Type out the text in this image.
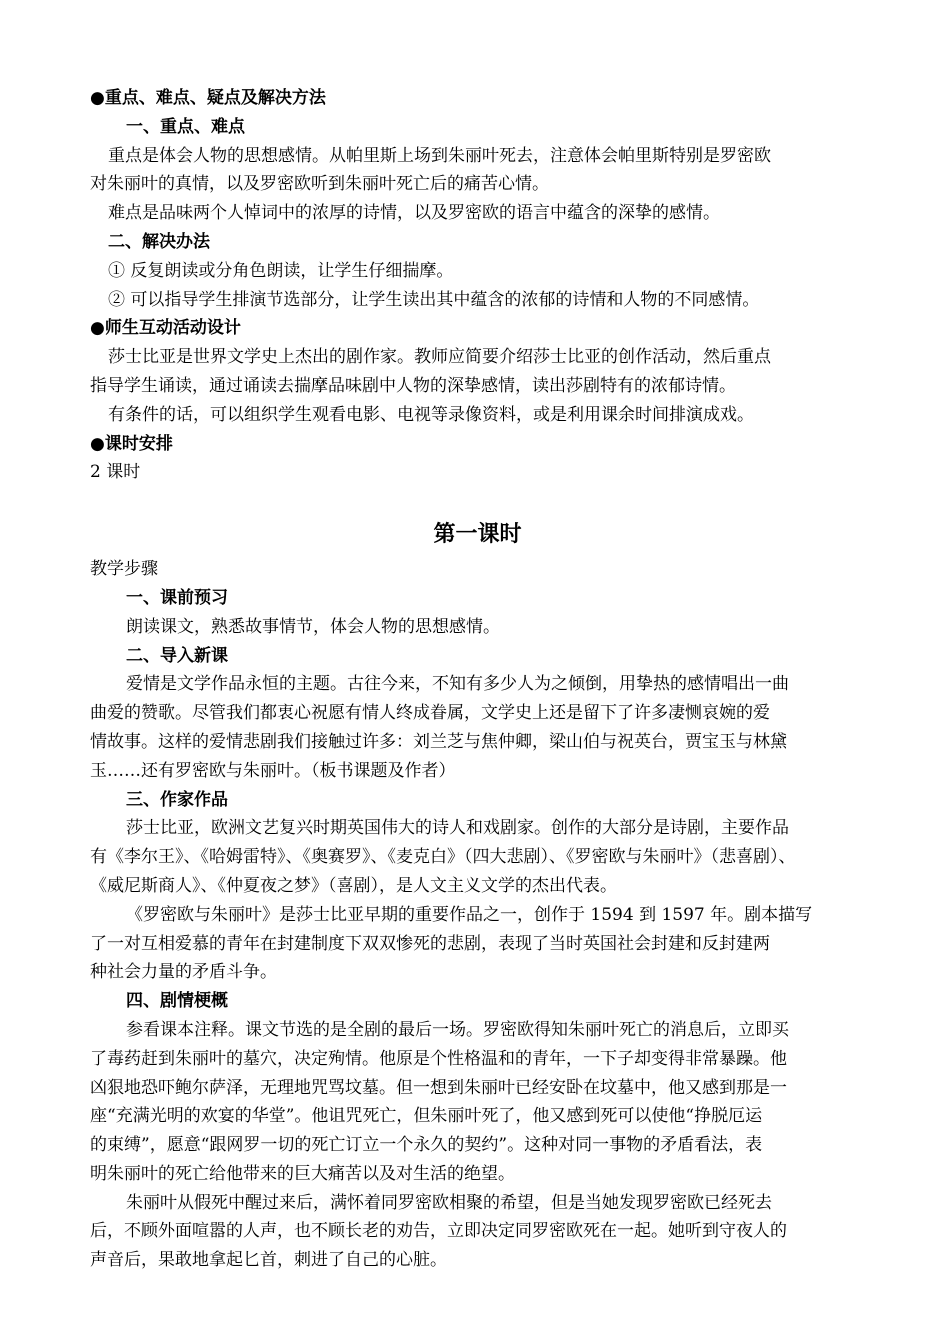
●重点、难点、疑点及解决方法

一、重点、难点

重点是体会人物的思想感情。从帕里斯上场到朱丽叶死去，注意体会帕里斯特别是罗密欧
对朱丽叶的真情，以及罗密欧听到朱丽叶死亡后的痛苦心情。

难点是品味两个人悼词中的浓厚的诗情，以及罗密欧的语言中蕴含的深挚的感情。

二、解决办法

① 反复朗读或分角色朗读，让学生仔细揣摩。

② 可以指导学生排演节选部分，让学生读出其中蕴含的浓郁的诗情和人物的不同感情。

●师生互动活动设计

莎士比亚是世界文学史上杰出的剧作家。教师应简要介绍莎士比亚的创作活动，然后重点
指导学生诵读，通过诵读去揣摩品味剧中人物的深挚感情，读出莎剧特有的浓郁诗情。

有条件的话，可以组织学生观看电影、电视等录像资料，或是利用课余时间排演成戏。

●课时安排

2 课时

第一课时

教学步骤

一、课前预习

朗读课文，熟悉故事情节，体会人物的思想感情。

二、导入新课

爱情是文学作品永恒的主题。古往今来，不知有多少人为之倾倒，用挚热的感情唱出一曲
曲爱的赞歌。尽管我们都衷心祝愿有情人终成眷属，文学史上还是留下了许多凄恻哀婉的爱
情故事。这样的爱情悲剧我们接触过许多：刘兰芝与焦仲卿，梁山伯与祝英台，贾宝玉与林黛
玉……还有罗密欧与朱丽叶。（板书课题及作者）

三、作家作品

莎士比亚，欧洲文艺复兴时期英国伟大的诗人和戏剧家。创作的大部分是诗剧，主要作品
有《李尔王》、《哈姆雷特》、《奥赛罗》、《麦克白》（四大悲剧）、《罗密欧与朱丽叶》（悲喜剧）、
《威尼斯商人》、《仲夏夜之梦》（喜剧），是人文主义文学的杰出代表。
《罗密欧与朱丽叶》是莎士比亚早期的重要作品之一，创作于 1594 到 1597 年。剧本描写
了一对互相爱慕的青年在封建制度下双双惨死的悲剧，表现了当时英国社会封建和反封建两
种社会力量的矛盾斗争。

四、剧情梗概

参看课本注释。课文节选的是全剧的最后一场。罗密欧得知朱丽叶死亡的消息后，立即买
了毒药赶到朱丽叶的墓穴，决定殉情。他原是个性格温和的青年，一下子却变得非常暴躁。他
凶狠地恐吓鲍尔萨泽，无理地咒骂坟墓。但一想到朱丽叶已经安卧在坟墓中，他又感到那是一
座“充满光明的欢宴的华堂”。他诅咒死亡，但朱丽叶死了，他又感到死可以使他“挣脱厄运
的束缚”，愿意“跟网罗一切的死亡订立一个永久的契约”。这种对同一事物的矛盾看法，表
明朱丽叶的死亡给他带来的巨大痛苦以及对生活的绝望。
朱丽叶从假死中醒过来后，满怀着同罗密欧相聚的希望，但是当她发现罗密欧已经死去
后，不顾外面喧嚣的人声，也不顾长老的劝告，立即决定同罗密欧死在一起。她听到守夜人的
声音后，果敢地拿起匕首，刺进了自己的心脏。
